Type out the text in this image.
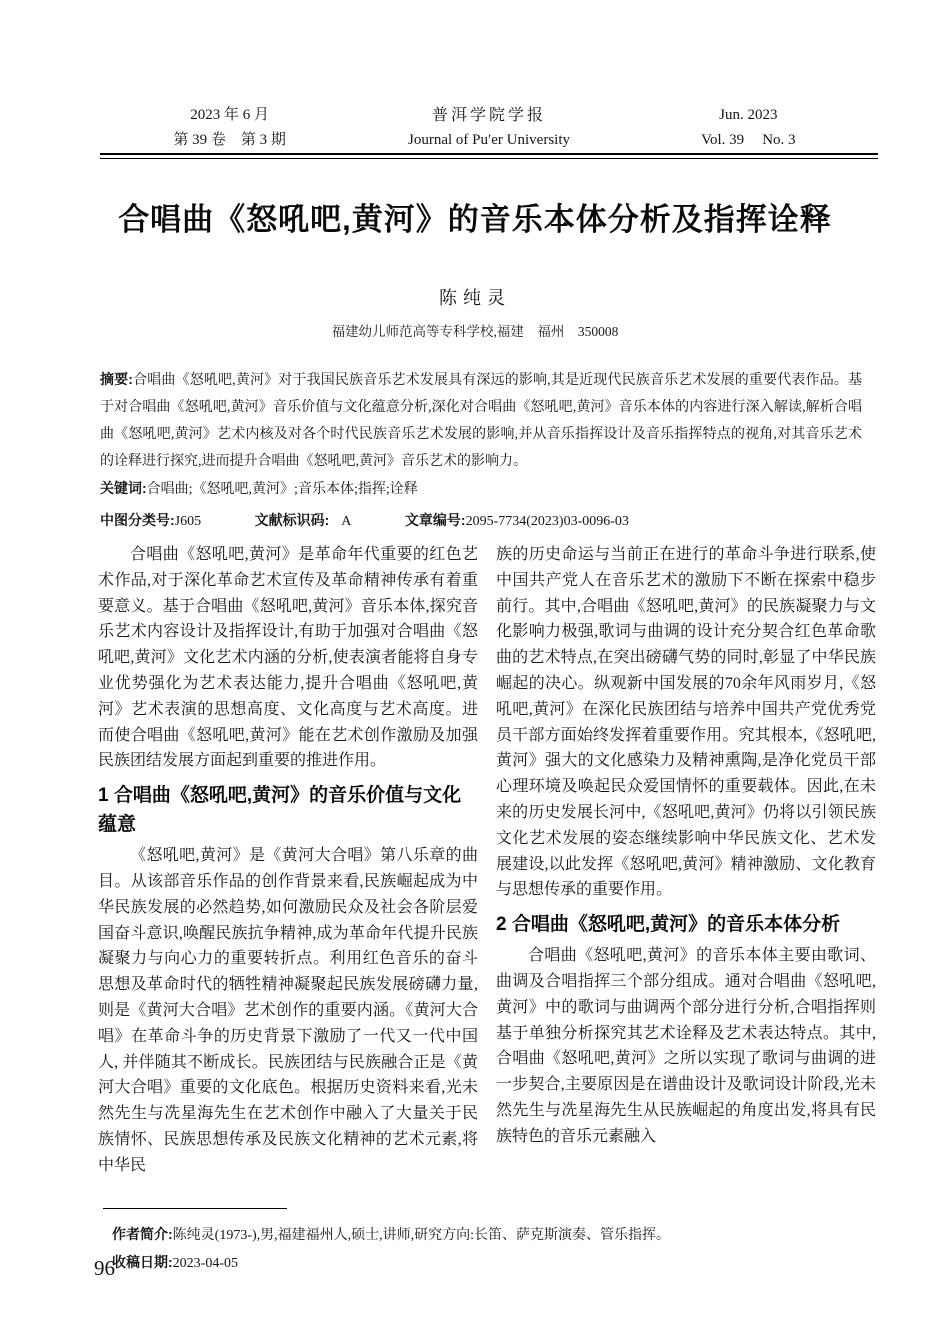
2023 年 6 月
第 39 卷　第 3 期
普洱学院学报
Journal of Pu′er University
Jun. 2023
Vol. 39 No. 3
合唱曲《怒吼吧,黄河》的音乐本体分析及指挥诠释
陈纯灵
福建幼儿师范高等专科学校,福建　福州　350008

摘要:合唱曲《怒吼吧,黄河》对于我国民族音乐艺术发展具有深远的影响,其是近现代民族音乐艺术发展的重要代表作品。基于对合唱曲《怒吼吧,黄河》音乐价值与文化蕴意分析,深化对合唱曲《怒吼吧,黄河》音乐本体的内容进行深入解读,解析合唱曲《怒吼吧,黄河》艺术内核及对各个时代民族音乐艺术发展的影响,并从音乐指挥设计及音乐指挥特点的视角,对其音乐艺术的诠释进行探究,进而提升合唱曲《怒吼吧,黄河》音乐艺术的影响力。

关键词:合唱曲;《怒吼吧,黄河》;音乐本体;指挥;诠释

中图分类号:J605	文献标识码: A	文章编号:2095-7734(2023)03-0096-03

合唱曲《怒吼吧,黄河》是革命年代重要的红色艺术作品,对于深化革命艺术宣传及革命精神传承有着重要意义。基于合唱曲《怒吼吧,黄河》音乐本体,探究音乐艺术内容设计及指挥设计,有助于加强对合唱曲《怒吼吧,黄河》文化艺术内涵的分析,使表演者能将自身专业优势强化为艺术表达能力,提升合唱曲《怒吼吧,黄河》艺术表演的思想高度、文化高度与艺术高度。进而使合唱曲《怒吼吧,黄河》能在艺术创作激励及加强民族团结发展方面起到重要的推进作用。

1 合唱曲《怒吼吧,黄河》的音乐价值与文化蕴意

《怒吼吧,黄河》是《黄河大合唱》第八乐章的曲目。从该部音乐作品的创作背景来看,民族崛起成为中华民族发展的必然趋势,如何激励民众及社会各阶层爱国奋斗意识,唤醒民族抗争精神,成为革命年代提升民族凝聚力与向心力的重要转折点。利用红色音乐的奋斗思想及革命时代的牺牲精神凝聚起民族发展磅礴力量,则是《黄河大合唱》艺术创作的重要内涵。《黄河大合唱》在革命斗争的历史背景下激励了一代又一代中国人, 并伴随其不断成长。民族团结与民族融合正是《黄河大合唱》重要的文化底色。根据历史资料来看,光未然先生与冼星海先生在艺术创作中融入了大量关于民族情怀、民族思想传承及民族文化精神的艺术元素,将中华民

族的历史命运与当前正在进行的革命斗争进行联系,使中国共产党人在音乐艺术的激励下不断在探索中稳步前行。其中,合唱曲《怒吼吧,黄河》的民族凝聚力与文化影响力极强,歌词与曲调的设计充分契合红色革命歌曲的艺术特点,在突出磅礴气势的同时,彰显了中华民族崛起的决心。纵观新中国发展的70余年风雨岁月,《怒吼吧,黄河》在深化民族团结与培养中国共产党优秀党员干部方面始终发挥着重要作用。究其根本,《怒吼吧,黄河》强大的文化感染力及精神熏陶,是净化党员干部心理环境及唤起民众爱国情怀的重要载体。因此,在未来的历史发展长河中,《怒吼吧,黄河》仍将以引领民族文化艺术发展的姿态继续影响中华民族文化、艺术发展建设,以此发挥《怒吼吧,黄河》精神激励、文化教育与思想传承的重要作用。

2 合唱曲《怒吼吧,黄河》的音乐本体分析

合唱曲《怒吼吧,黄河》的音乐本体主要由歌词、曲调及合唱指挥三个部分组成。通对合唱曲《怒吼吧,黄河》中的歌词与曲调两个部分进行分析,合唱指挥则基于单独分析探究其艺术诠释及艺术表达特点。其中,合唱曲《怒吼吧,黄河》之所以实现了歌词与曲调的进一步契合,主要原因是在谱曲设计及歌词设计阶段,光未然先生与冼星海先生从民族崛起的角度出发,将具有民族特色的音乐元素融入

作者简介:陈纯灵(1973-),男,福建福州人,硕士,讲师,研究方向:长笛、萨克斯演奏、管乐指挥。

收稿日期:2023-04-05

96
